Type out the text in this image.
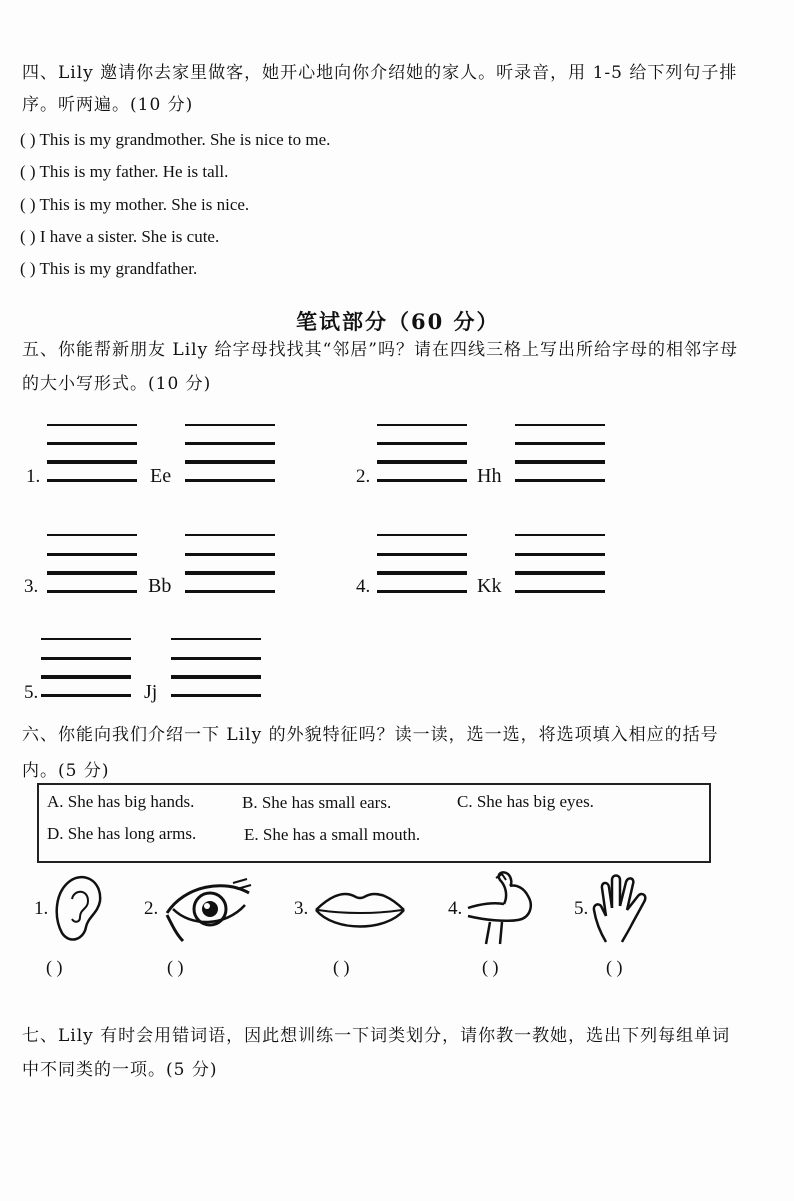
四、Lily 邀请你去家里做客，她开心地向你介绍她的家人。听录音，用 1-5 给下列句子排
序。听两遍。(10 分)
( ) This is my grandmother. She is nice to me.
( ) This is my father. He is tall.
( ) This is my mother. She is nice.
( ) I have a sister. She is cute.
( ) This is my grandfather.
笔试部分（60 分）
五、你能帮新朋友 Lily 给字母找找其“邻居”吗？请在四线三格上写出所给字母的相邻字母
的大小写形式。(10 分)
1.	Ee	2.	Hh
3.	Bb	4.	Kk
5.	Jj
六、你能向我们介绍一下 Lily 的外貌特征吗？读一读，选一选，将选项填入相应的括号
内。(5 分)
A. She has big hands.	B. She has small ears.	C. She has big eyes.
D. She has long arms.	E. She has a small mouth.
1.
( )
2.
( )
3.
( )
4.
( )
5.
( )
七、Lily 有时会用错词语，因此想训练一下词类划分，请你教一教她，选出下列每组单词
中不同类的一项。(5 分)
